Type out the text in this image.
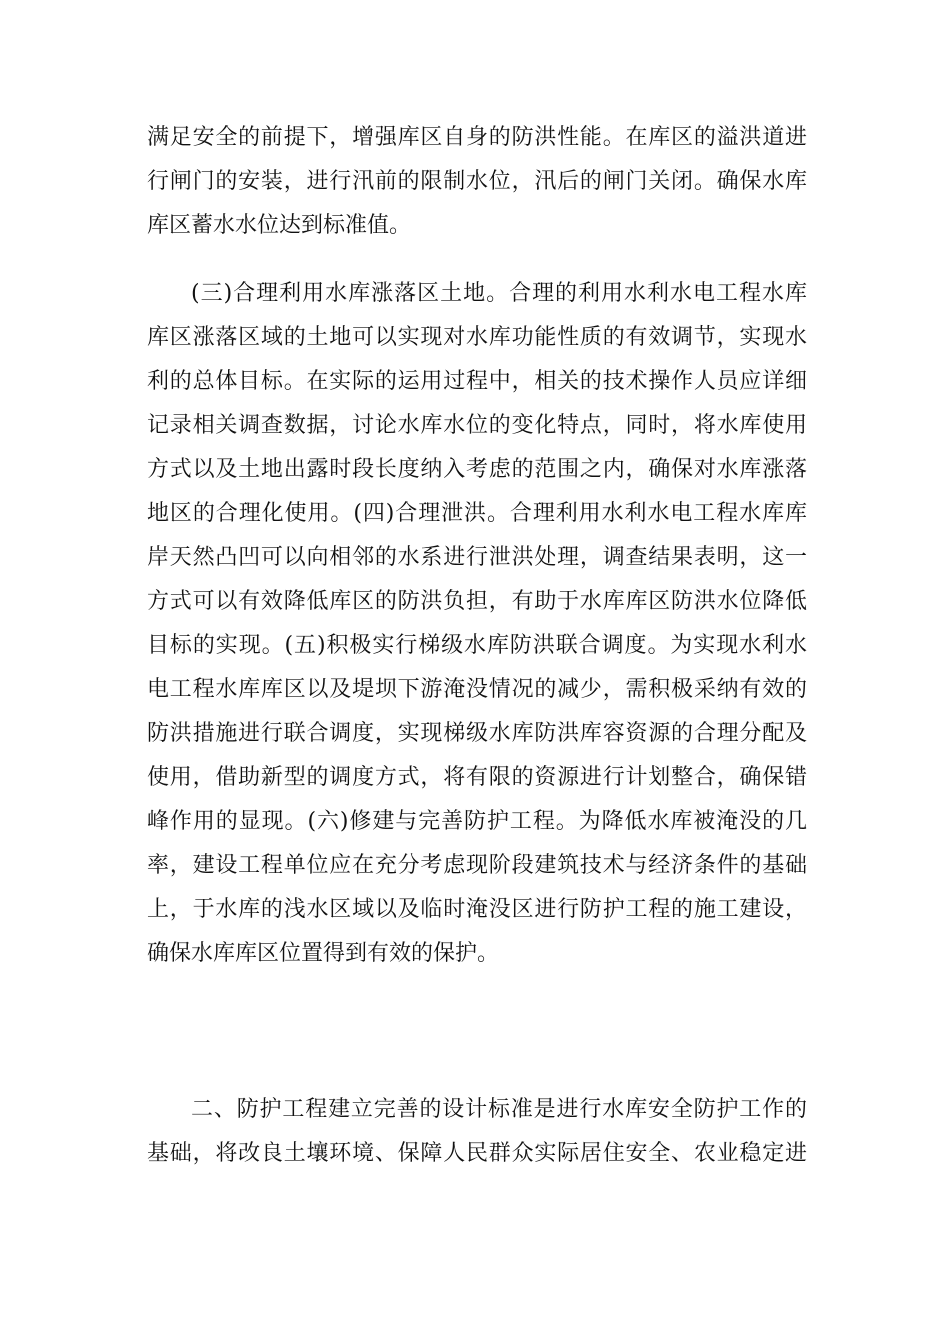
满足安全的前提下，增强库区自身的防洪性能。在库区的溢洪道进
行闸门的安装，进行汛前的限制水位，汛后的闸门关闭。确保水库
库区蓄水水位达到标准值。
(三)合理利用水库涨落区土地。合理的利用水利水电工程水库
库区涨落区域的土地可以实现对水库功能性质的有效调节，实现水
利的总体目标。在实际的运用过程中，相关的技术操作人员应详细
记录相关调查数据，讨论水库水位的变化特点，同时，将水库使用
方式以及土地出露时段长度纳入考虑的范围之内，确保对水库涨落
地区的合理化使用。(四)合理泄洪。合理利用水利水电工程水库库
岸天然凸凹可以向相邻的水系进行泄洪处理，调查结果表明，这一
方式可以有效降低库区的防洪负担，有助于水库库区防洪水位降低
目标的实现。(五)积极实行梯级水库防洪联合调度。为实现水利水
电工程水库库区以及堤坝下游淹没情况的减少，需积极采纳有效的
防洪措施进行联合调度，实现梯级水库防洪库容资源的合理分配及
使用，借助新型的调度方式，将有限的资源进行计划整合，确保错
峰作用的显现。(六)修建与完善防护工程。为降低水库被淹没的几
率，建设工程单位应在充分考虑现阶段建筑技术与经济条件的基础
上，于水库的浅水区域以及临时淹没区进行防护工程的施工建设，
确保水库库区位置得到有效的保护。
二、防护工程建立完善的设计标准是进行水库安全防护工作的
基础，将改良土壤环境、保障人民群众实际居住安全、农业稳定进
